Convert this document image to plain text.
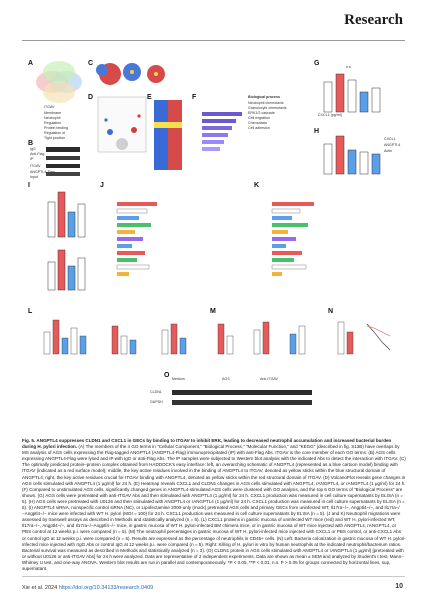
Research
A
B
C
D	E	F
G
H
I	J	K
L	M	N
O
ITGAV
Membrane
Neutrophil
Regulation
Protein binding
Regulation of
Tight junction
IgG
Anti-Flag
IP
ITGAV
ANGPTL4-Flag
Input
Biological process
Neutrophil chemotaxis
Granulocyte chemotaxis
ERK1/2 cascade
Cell migration
Chemotaxis
Cell adhesion
n.s.
CXCL1 (pg/ml)
CXCL1
ANGPTL4
Actin
Medium	AGS
CLDN1
GAPDH
Anti-ITGAV
Fig. 5. ANGPTL4 suppresses CLDN1 and CXCL1 in GECs by binding to ITGAV to inhibit ERK, leading to decreased neutrophil accumulation and increased bacterial burden during H. pylori infection. (A) The members of the 4 GO terms in "Cellular Component," "Biological Process," "Molecular Function," and "KEGG" (described in fig. S13B) have overlaps by MS analysis of AGS cells expressing the Flag-tagged ANGPTL4 (ANGPTL4-Flag) immunoprecipitated (IP) with anti-Flag Abs. ITGAV is the core member of each GO terms. (B) AGS cells expressing ANGPTL4-Flag were lysed and IP with IgG or anti-Flag Abs. The IP samples were subjected to Western blot analysis with the indicated Abs to detect the interaction with ITGAV. (C) The optimally predicted protein–protein complex obtained from HADDOCK's easy interface: left, an overarching schematic of ANGPTL4 (represented as a blue cartoon model) binding with ITGAV (indicated as a red surface model); middle, the key active residues involved in the binding of ANGPTL4 to ITGAV, denoted as yellow sticks within the blue structural domain of ANGPTL4; right, the key active residues crucial for ITGAV binding with ANGPTL4, denoted as yellow sticks within the red structural domain of ITGAV. (D) VolcanoPlot reveals gene changes in AGS cells stimulated with ANGPTL4 (1 μg/ml) for 24 h. (E) Heatmap reveals CXCL1 and CLDN1 changes in AGS cells stimulated with ANGPTL4, rANGPTL4, or rANGPTL4 (1 μg/ml) for 24 h. (F) Compared to unstimulated AGS cells, significantly changed genes in ANGPTL4-stimulated AGS cells were clustered with GO analysis, and the top 6 GO terms of "Biological Process" are shown. (G) AGS cells were pretreated with anti-ITGAV Abs and then stimulated with ANGPTL4 (1 μg/ml) for 24 h. CXCL1 production was measured in cell culture supernatants by ELISA (n = 5). (H) AGS cells were pretreated with U0126 and then stimulated with ANGPTL4 or rANGPTL4 (1 μg/ml) for 24 h. CXCL1 production was measured in cell culture supernatants by ELISA (n = 5). (I) ANGPTL4 siRNA, nonspecific control siRNA (NC), or Lipofectamine 2000-only (mock) pretreated AGS cells and primary GECs from uninfected WT, Il17ra−/−, Angptl4−/−, and Il17ra−/−Angptl4−/− mice were infected with WT H. pylori (MOI = 100) for 24 h. CXCL1 production was measured in cell culture supernatants by ELISA (n = 5). (J and K) Neutrophil migrations were assessed by transwell assays as described in Methods and statistically analyzed (n = 5). (L) CXCL1 proteins in gastric mucosa of uninfected WT mice (red) and WT H. pylori-infected WT, Il17ra−/−, Angptl4−/−, and Il17ra−/−Angptl4−/− mice, in gastric mucosa of WT H. pylori-infected BM chimera mice, or in gastric mucosa of WT mice injected with ANGPTL4, rANGPTL4, or PBS control at 12 weeks p.i. were compared (n = 5). (M) The neutrophil percentages in gastric mucosa of WT H. pylori-infected mice injected with CXCL1 or PBS control, or anti-CXCL1 Abs or control IgG at 12 weeks p.i. were compared (n = 5). Results are expressed as the percentage of neutrophils in CD45+ cells. (N) Left: Bacteria colonization in gastric mucosa of WT H. pylori-infected mice injected with rIgG Abs or control IgG at 12 weeks p.i. were compared (n = 5). Right: Killing of H. pylori in vitro by human neutrophils at the indicated neutrophil/bacterium ratios. Bacterial survival was measured as described in Methods and statistically analyzed (n = 3). (O) CLDN1 protein in AGS cells stimulated with ANGPTL4 or rANGPTL4 (1 μg/ml) [pretreated with or without U0126 or anti-ITGAV Abs] for 24 h were analyzed. Data are representative of 2 independent experiments. Data are shown as mean ± SEM and analyzed by Student's t test, Mann–Whitney U test, and one-way ANOVA. Western blot results are run in parallel and contemporaneously. *P < 0.05, **P < 0.01, n.s. P > 0.05 for groups connected by horizontal lines, sup, supernatant.
Xie et al. 2024 https://doi.org/10.34133/research.0409	10
